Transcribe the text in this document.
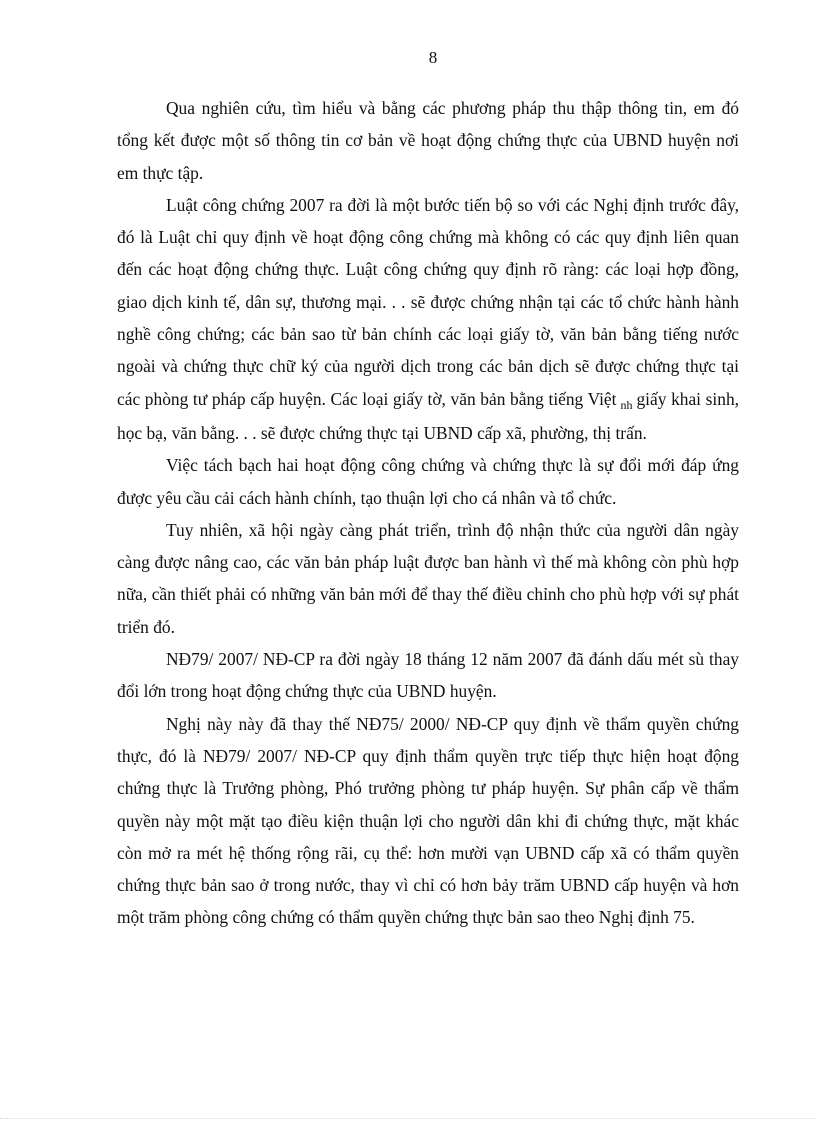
8

Qua nghiên cứu, tìm hiểu và bằng các phương pháp thu thập thông tin, em đó tổng kết được một số thông tin cơ bản về hoạt động chứng thực của UBND huyện nơi em thực tập.

Luật công chứng 2007 ra đời là một bước tiến bộ so với các Nghị định trước đây, đó là Luật chỉ quy định về hoạt động công chứng mà không có các quy định liên quan đến các hoạt động chứng thực. Luật công chứng quy định rõ ràng: các loại hợp đồng, giao dịch kinh tế, dân sự, thương mại. . . sẽ được chứng nhận tại các tổ chức hành hành nghề công chứng; các bản sao từ bản chính các loại giấy tờ, văn bản bằng tiếng nước ngoài và chứng thực chữ ký của người dịch trong các bản dịch sẽ được chứng thực tại các phòng tư pháp cấp huyện. Các loại giấy tờ, văn bản bằng tiếng Việt $_{nh}$ giấy khai sinh, học bạ, văn bằng. . . sẽ được chứng thực tại UBND cấp xã, phường, thị trấn.

Việc tách bạch hai hoạt động công chứng và chứng thực là sự đổi mới đáp ứng được yêu cầu cải cách hành chính, tạo thuận lợi cho cá nhân và tổ chức.

Tuy nhiên, xã hội ngày càng phát triển, trình độ nhận thức của người dân ngày càng được nâng cao, các văn bản pháp luật được ban hành vì thế mà không còn phù hợp nữa, cần thiết phải có những văn bản mới để thay thế điều chỉnh cho phù hợp với sự phát triển đó.

NĐ79/ 2007/ NĐ-CP ra đời ngày 18 tháng 12 năm 2007 đã đánh dấu mét sù thay đổi lớn trong hoạt động chứng thực của UBND huyện.

Nghị này này đã thay thế NĐ75/ 2000/ NĐ-CP quy định về thẩm quyền chứng thực, đó là NĐ79/ 2007/ NĐ-CP quy định thẩm quyền trực tiếp thực hiện hoạt động chứng thực là Trưởng phòng, Phó trưởng phòng tư pháp huyện. Sự phân cấp về thẩm quyền này một mặt tạo điều kiện thuận lợi cho người dân khi đi chứng thực, mặt khác còn mở ra mét hệ thống rộng rãi, cụ thể: hơn mười vạn UBND cấp xã có thẩm quyền chứng thực bản sao ở trong nước, thay vì chỉ có hơn bảy trăm UBND cấp huyện và hơn một trăm phòng công chứng có thẩm quyền chứng thực bản sao theo Nghị định 75.
